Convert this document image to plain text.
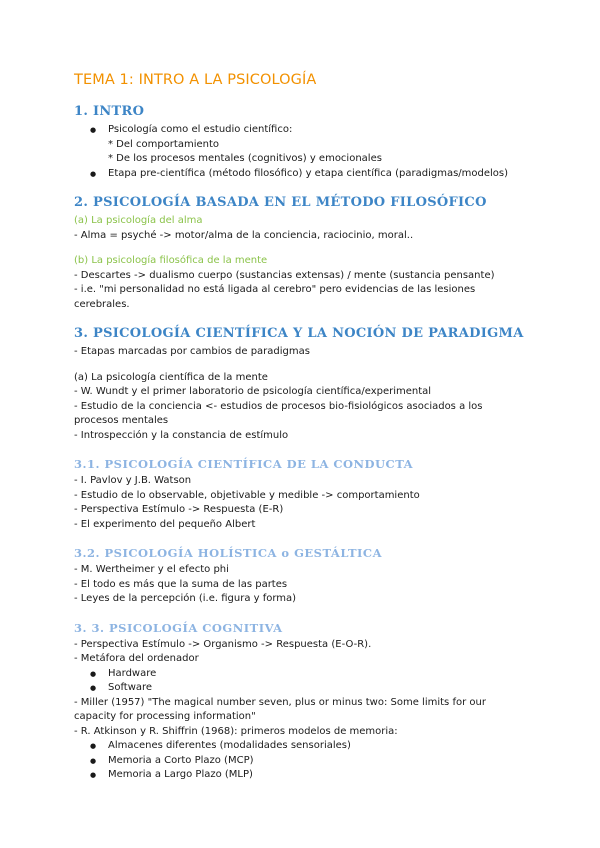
TEMA 1: INTRO A LA PSICOLOGÍA
1. INTRO
● Psicología como el estudio científico:
* Del comportamiento
* De los procesos mentales (cognitivos) y emocionales
● Etapa pre-científica (método filosófico) y etapa científica (paradigmas/modelos)
2. PSICOLOGÍA BASADA EN EL MÉTODO FILOSÓFICO
(a) La psicología del alma
- Alma = psyché -> motor/alma de la conciencia, raciocinio, moral..
(b) La psicología filosófica de la mente
- Descartes -> dualismo cuerpo (sustancias extensas) / mente (sustancia pensante)
- i.e. "mi personalidad no está ligada al cerebro" pero evidencias de las lesiones cerebrales.
3. PSICOLOGÍA CIENTÍFICA Y LA NOCIÓN DE PARADIGMA
- Etapas marcadas por cambios de paradigmas
(a) La psicología científica de la mente
- W. Wundt y el primer laboratorio de psicología científica/experimental
- Estudio de la conciencia <- estudios de procesos bio-fisiológicos asociados a los procesos mentales
- Introspección y la constancia de estímulo
3.1. PSICOLOGÍA CIENTÍFICA DE LA CONDUCTA
- I. Pavlov y J.B. Watson
- Estudio de lo observable, objetivable y medible -> comportamiento
- Perspectiva Estímulo -> Respuesta (E-R)
- El experimento del pequeño Albert
3.2. PSICOLOGÍA HOLÍSTICA o GESTÁLTICA
- M. Wertheimer y el efecto phi
- El todo es más que la suma de las partes
- Leyes de la percepción (i.e. figura y forma)
3. 3. PSICOLOGÍA COGNITIVA
- Perspectiva Estímulo -> Organismo -> Respuesta (E-O-R).
- Metáfora del ordenador
● Hardware
● Software
- Miller (1957) "The magical number seven, plus or minus two: Some limits for our capacity for processing information"
- R. Atkinson y R. Shiffrin (1968): primeros modelos de memoria:
● Almacenes diferentes (modalidades sensoriales)
● Memoria a Corto Plazo (MCP)
● Memoria a Largo Plazo (MLP)
